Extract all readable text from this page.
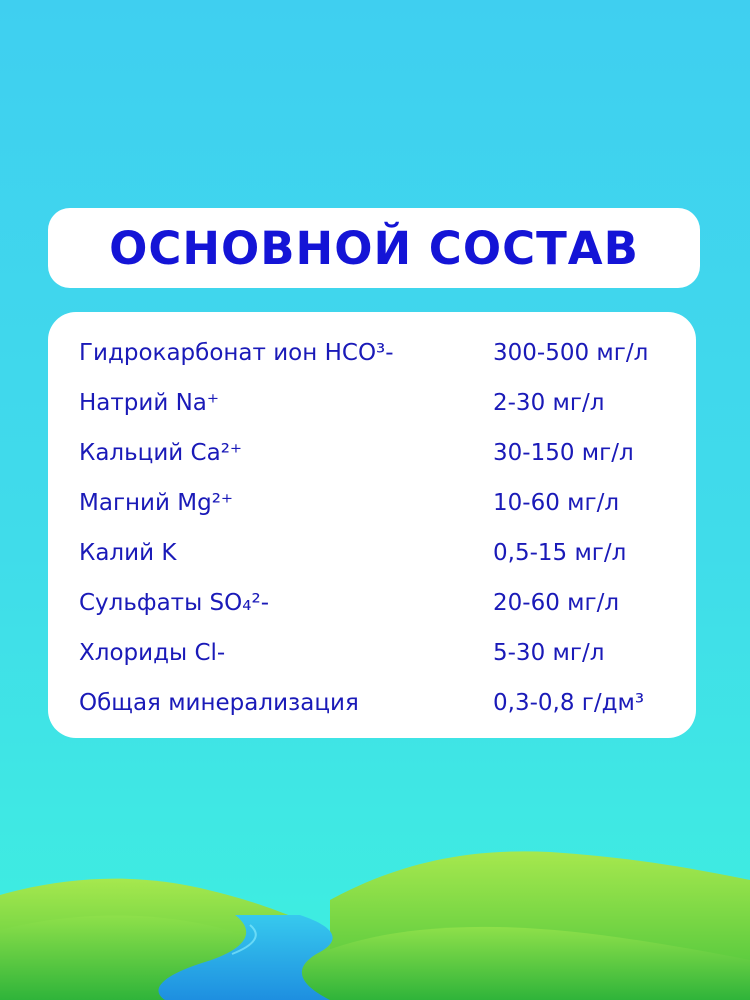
ОСНОВНОЙ СОСТАВ
Гидрокарбонат ион HCO³-	300-500 мг/л
Натрий Na⁺	2-30 мг/л
Кальций Ca²⁺	30-150 мг/л
Магний Mg²⁺	10-60 мг/л
Калий K	0,5-15 мг/л
Сульфаты SO₄²-	20-60 мг/л
Хлориды Cl-	5-30 мг/л
Общая минерализация	0,3-0,8 г/дм³
